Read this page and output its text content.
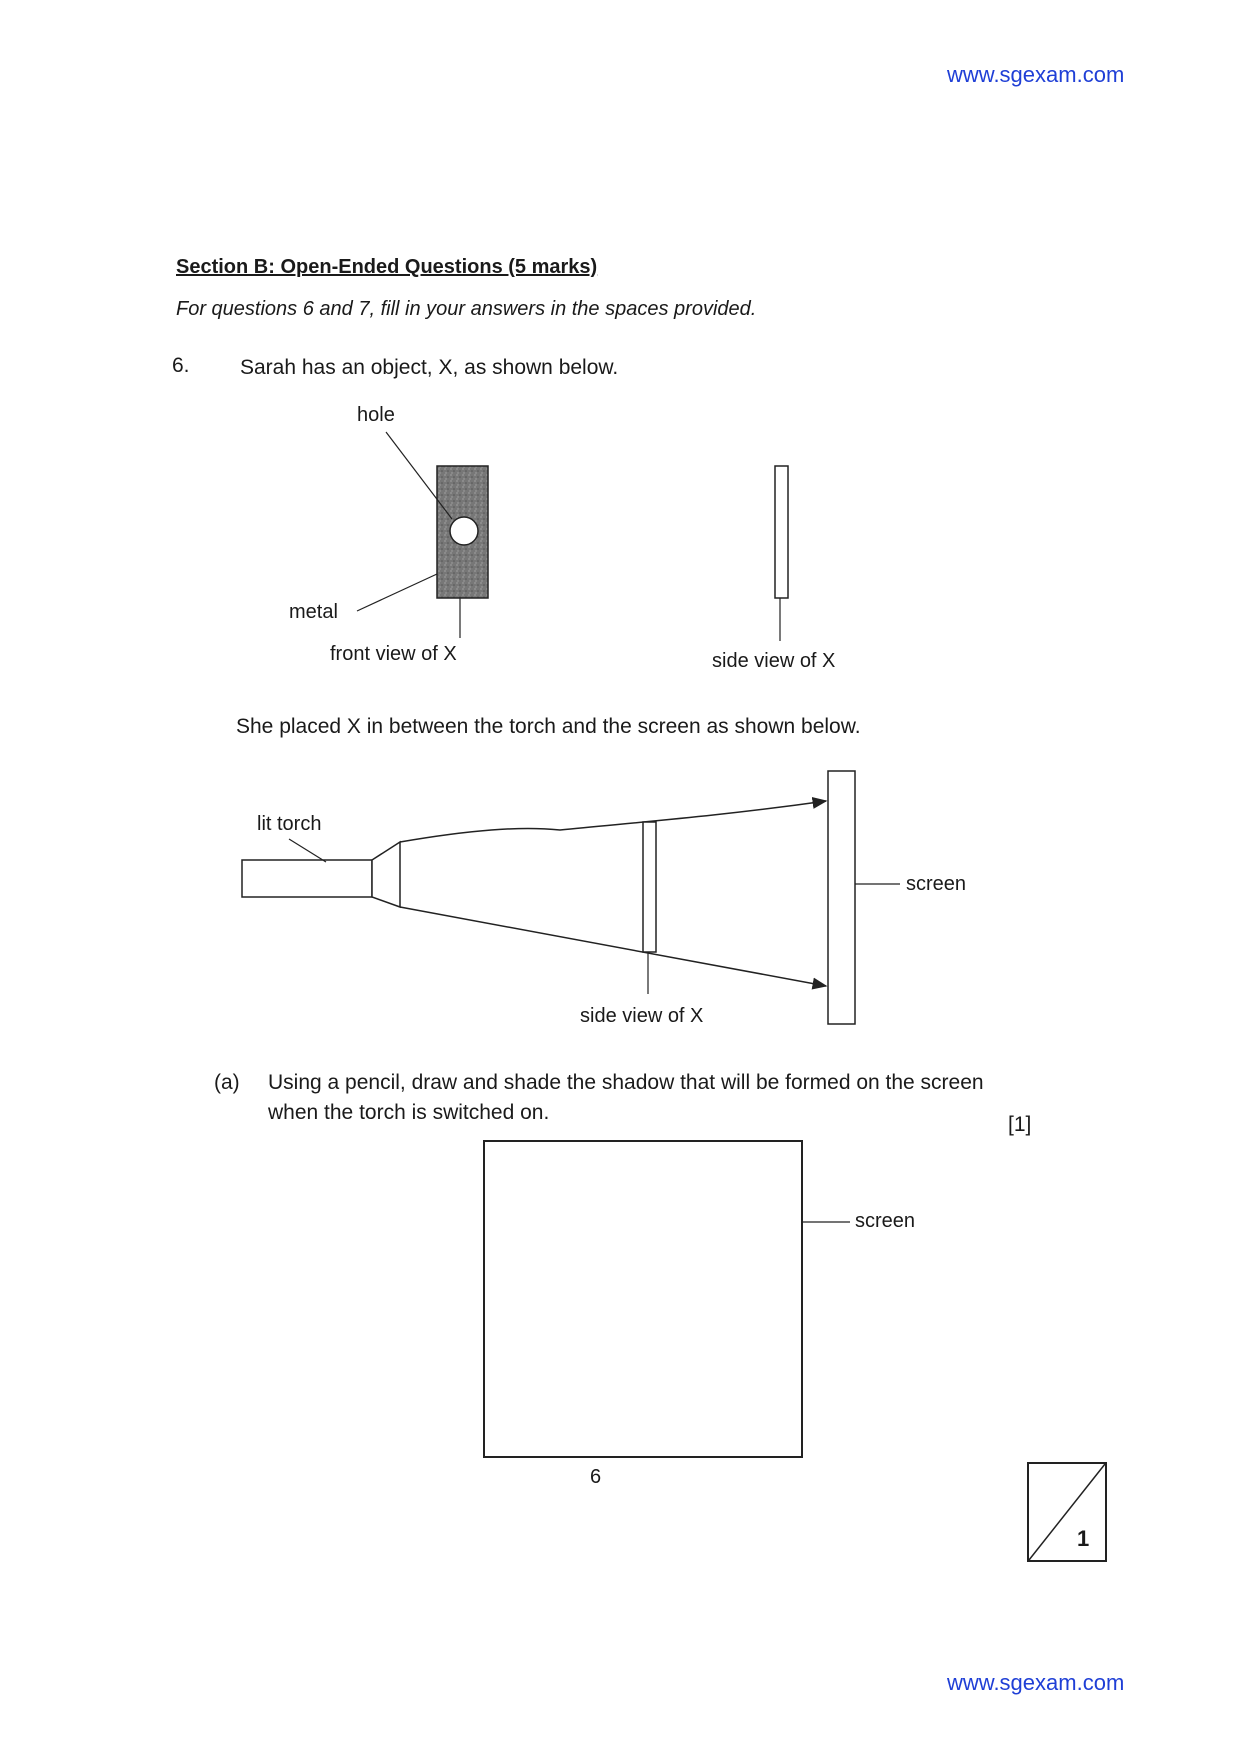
www.sgexam.com
Section B: Open-Ended Questions (5 marks)
For questions 6 and 7, fill in your answers in the spaces provided.
6. Sarah has an object, X, as shown below.
hole
metal
front view of X	side view of X
She placed X in between the torch and the screen as shown below.
lit torch
screen
side view of X
(a) Using a pencil, draw and shade the shadow that will be formed on the screen
when the torch is switched on.
[1]
screen
6
1
www.sgexam.com
